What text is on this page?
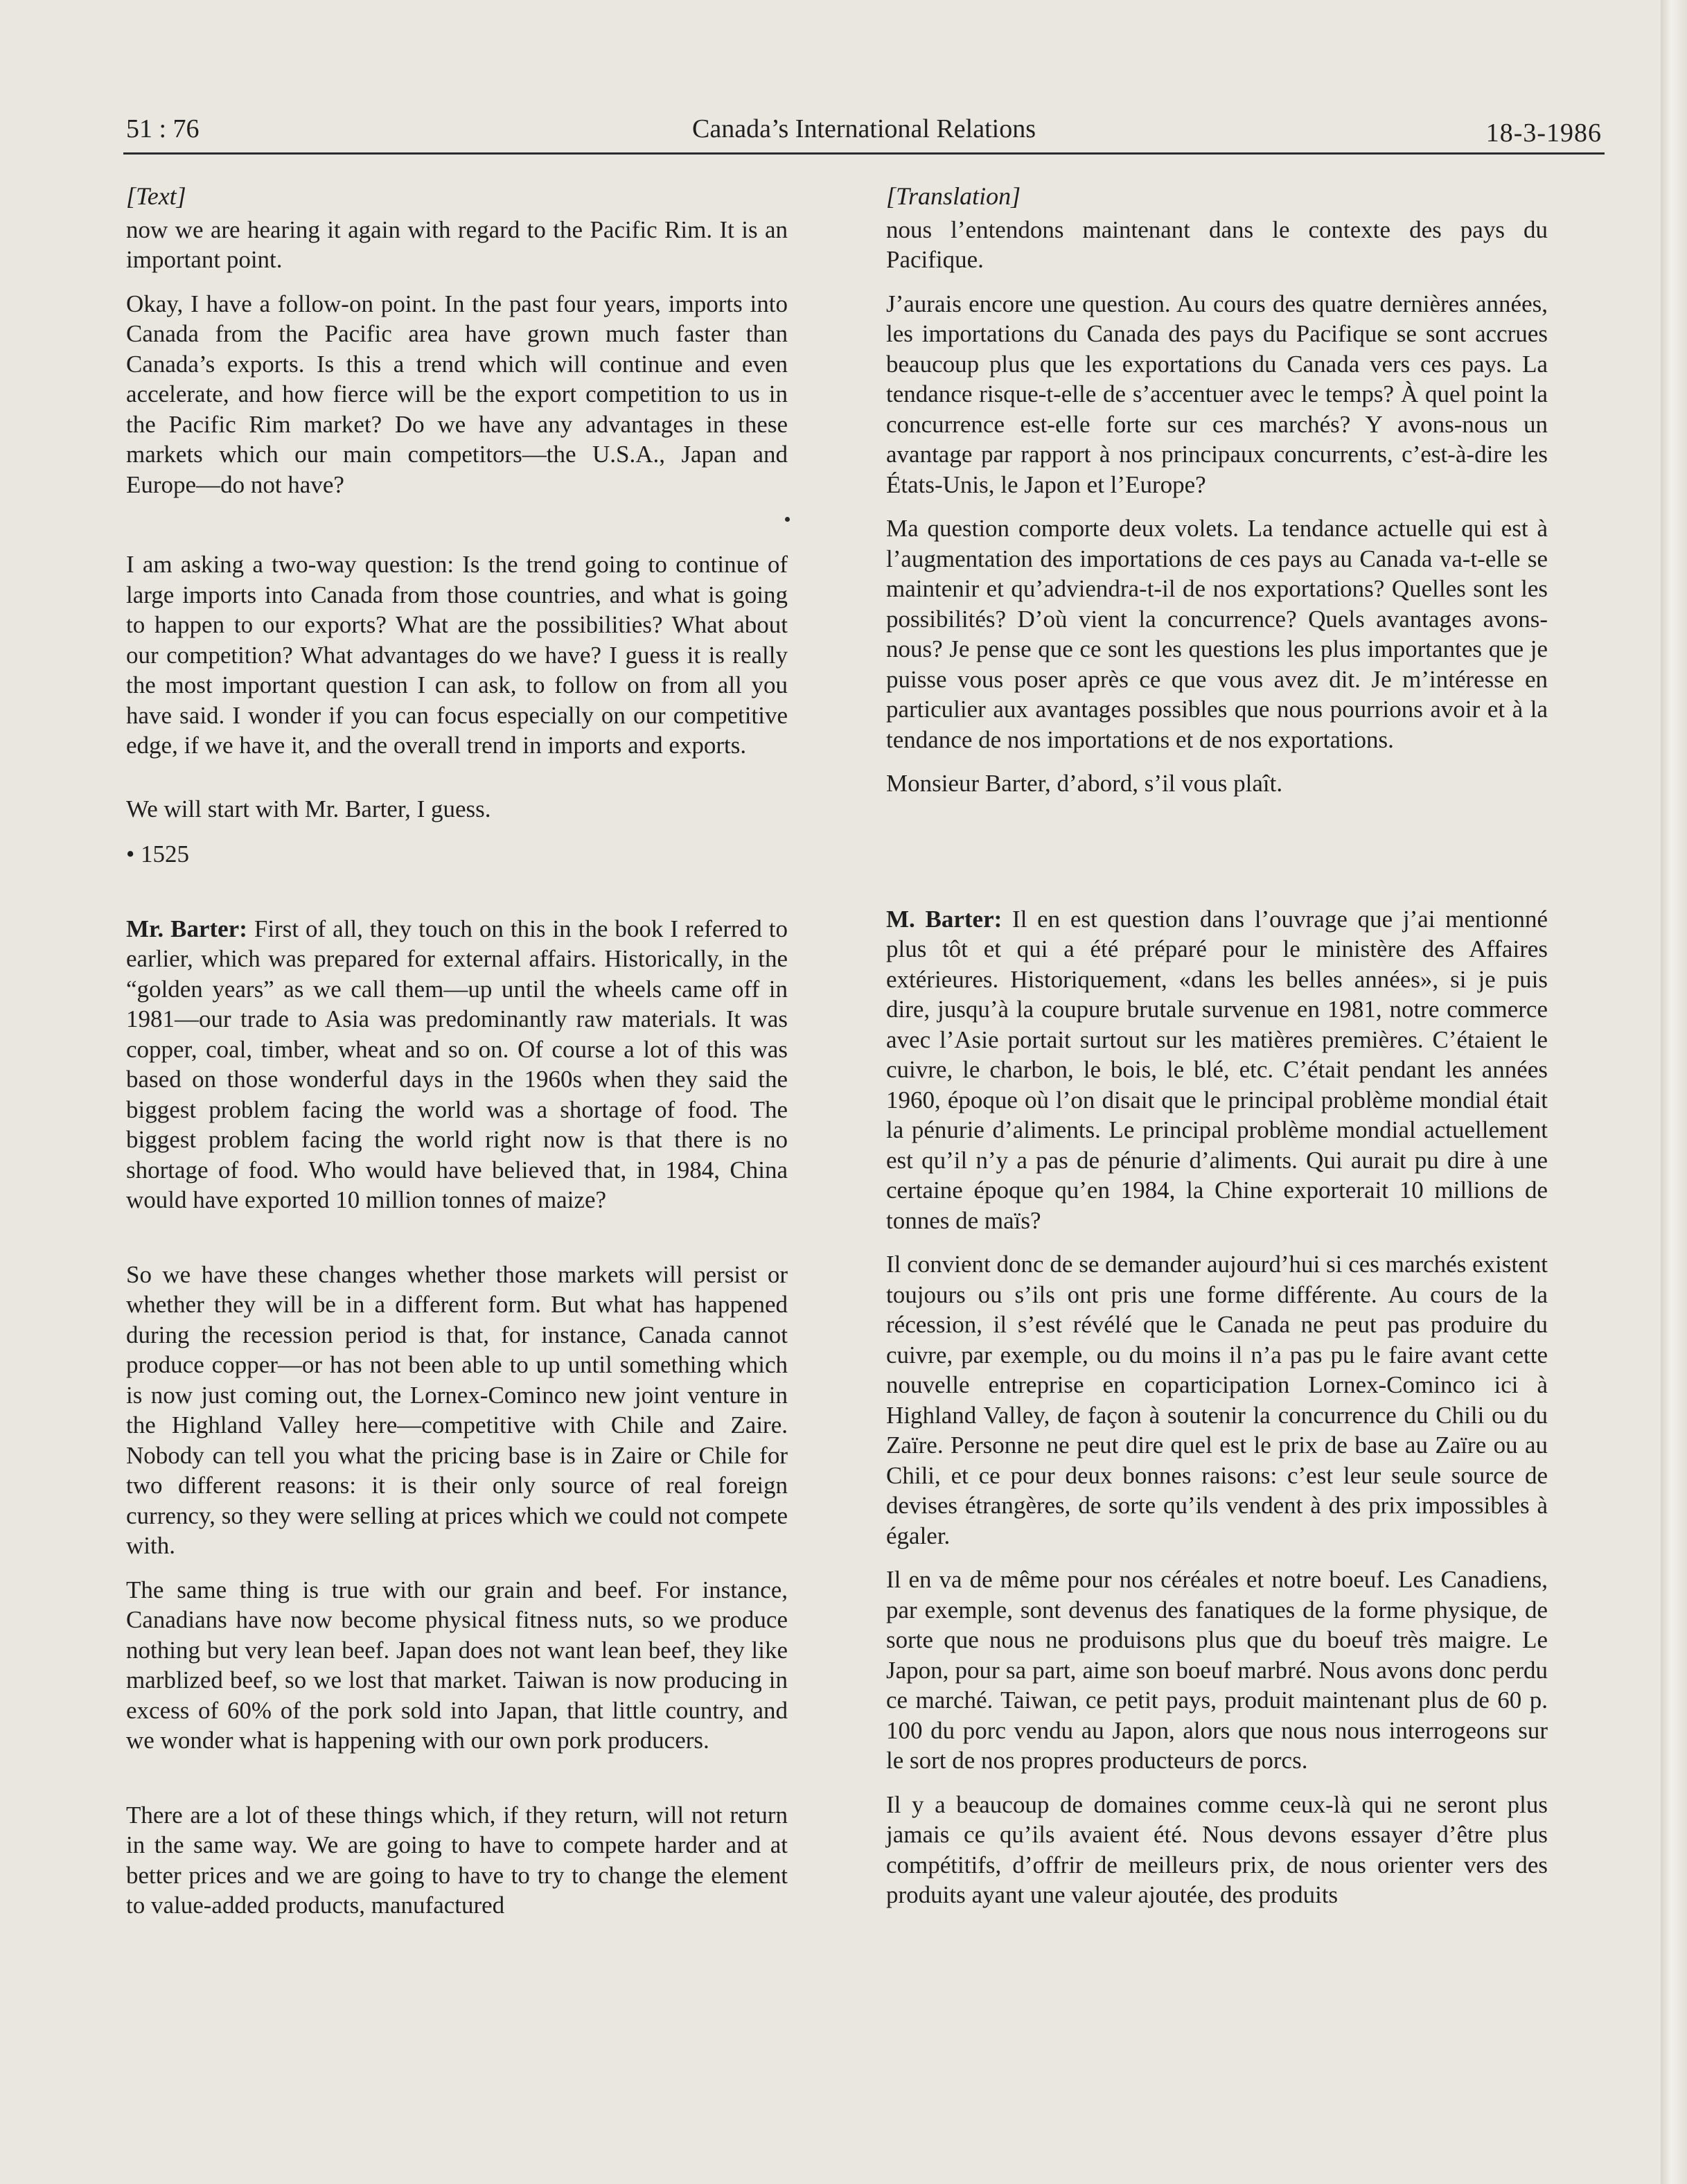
51 : 76	Canada’s International Relations	18-3-1986

[Text]

now we are hearing it again with regard to the Pacific Rim. It is an important point.

Okay, I have a follow-on point. In the past four years, imports into Canada from the Pacific area have grown much faster than Canada’s exports. Is this a trend which will continue and even accelerate, and how fierce will be the export competition to us in the Pacific Rim market? Do we have any advantages in these markets which our main competitors—the U.S.A., Japan and Europe—do not have?

I am asking a two-way question: Is the trend going to continue of large imports into Canada from those countries, and what is going to happen to our exports? What are the possibilities? What about our competition? What advantages do we have? I guess it is really the most important question I can ask, to follow on from all you have said. I wonder if you can focus especially on our competitive edge, if we have it, and the overall trend in imports and exports.

We will start with Mr. Barter, I guess.

• 1525

Mr. Barter: First of all, they touch on this in the book I referred to earlier, which was prepared for external affairs. Historically, in the “golden years” as we call them—up until the wheels came off in 1981—our trade to Asia was predominantly raw materials. It was copper, coal, timber, wheat and so on. Of course a lot of this was based on those wonderful days in the 1960s when they said the biggest problem facing the world was a shortage of food. The biggest problem facing the world right now is that there is no shortage of food. Who would have believed that, in 1984, China would have exported 10 million tonnes of maize?

So we have these changes whether those markets will persist or whether they will be in a different form. But what has happened during the recession period is that, for instance, Canada cannot produce copper—or has not been able to up until something which is now just coming out, the Lornex-Cominco new joint venture in the Highland Valley here—competitive with Chile and Zaire. Nobody can tell you what the pricing base is in Zaire or Chile for two different reasons: it is their only source of real foreign currency, so they were selling at prices which we could not compete with.

The same thing is true with our grain and beef. For instance, Canadians have now become physical fitness nuts, so we produce nothing but very lean beef. Japan does not want lean beef, they like marblized beef, so we lost that market. Taiwan is now producing in excess of 60% of the pork sold into Japan, that little country, and we wonder what is happening with our own pork producers.

There are a lot of these things which, if they return, will not return in the same way. We are going to have to compete harder and at better prices and we are going to have to try to change the element to value-added products, manufactured

[Translation]

nous l’entendons maintenant dans le contexte des pays du Pacifique.

J’aurais encore une question. Au cours des quatre dernières années, les importations du Canada des pays du Pacifique se sont accrues beaucoup plus que les exportations du Canada vers ces pays. La tendance risque-t-elle de s’accentuer avec le temps? À quel point la concurrence est-elle forte sur ces marchés? Y avons-nous un avantage par rapport à nos principaux concurrents, c’est-à-dire les États-Unis, le Japon et l’Europe?

Ma question comporte deux volets. La tendance actuelle qui est à l’augmentation des importations de ces pays au Canada va-t-elle se maintenir et qu’adviendra-t-il de nos exportations? Quelles sont les possibilités? D’où vient la concurrence? Quels avantages avons-nous? Je pense que ce sont les questions les plus importantes que je puisse vous poser après ce que vous avez dit. Je m’intéresse en particulier aux avantages possibles que nous pourrions avoir et à la tendance de nos importations et de nos exportations.

Monsieur Barter, d’abord, s’il vous plaît.

M. Barter: Il en est question dans l’ouvrage que j’ai mentionné plus tôt et qui a été préparé pour le ministère des Affaires extérieures. Historiquement, «dans les belles années», si je puis dire, jusqu’à la coupure brutale survenue en 1981, notre commerce avec l’Asie portait surtout sur les matières premières. C’étaient le cuivre, le charbon, le bois, le blé, etc. C’était pendant les années 1960, époque où l’on disait que le principal problème mondial était la pénurie d’aliments. Le principal problème mondial actuellement est qu’il n’y a pas de pénurie d’aliments. Qui aurait pu dire à une certaine époque qu’en 1984, la Chine exporterait 10 millions de tonnes de maïs?

Il convient donc de se demander aujourd’hui si ces marchés existent toujours ou s’ils ont pris une forme différente. Au cours de la récession, il s’est révélé que le Canada ne peut pas produire du cuivre, par exemple, ou du moins il n’a pas pu le faire avant cette nouvelle entreprise en coparticipation Lornex-Cominco ici à Highland Valley, de façon à soutenir la concurrence du Chili ou du Zaïre. Personne ne peut dire quel est le prix de base au Zaïre ou au Chili, et ce pour deux bonnes raisons: c’est leur seule source de devises étrangères, de sorte qu’ils vendent à des prix impossibles à égaler.

Il en va de même pour nos céréales et notre boeuf. Les Canadiens, par exemple, sont devenus des fanatiques de la forme physique, de sorte que nous ne produisons plus que du boeuf très maigre. Le Japon, pour sa part, aime son boeuf marbré. Nous avons donc perdu ce marché. Taiwan, ce petit pays, produit maintenant plus de 60 p. 100 du porc vendu au Japon, alors que nous nous interrogeons sur le sort de nos propres producteurs de porcs.

Il y a beaucoup de domaines comme ceux-là qui ne seront plus jamais ce qu’ils avaient été. Nous devons essayer d’être plus compétitifs, d’offrir de meilleurs prix, de nous orienter vers des produits ayant une valeur ajoutée, des produits
